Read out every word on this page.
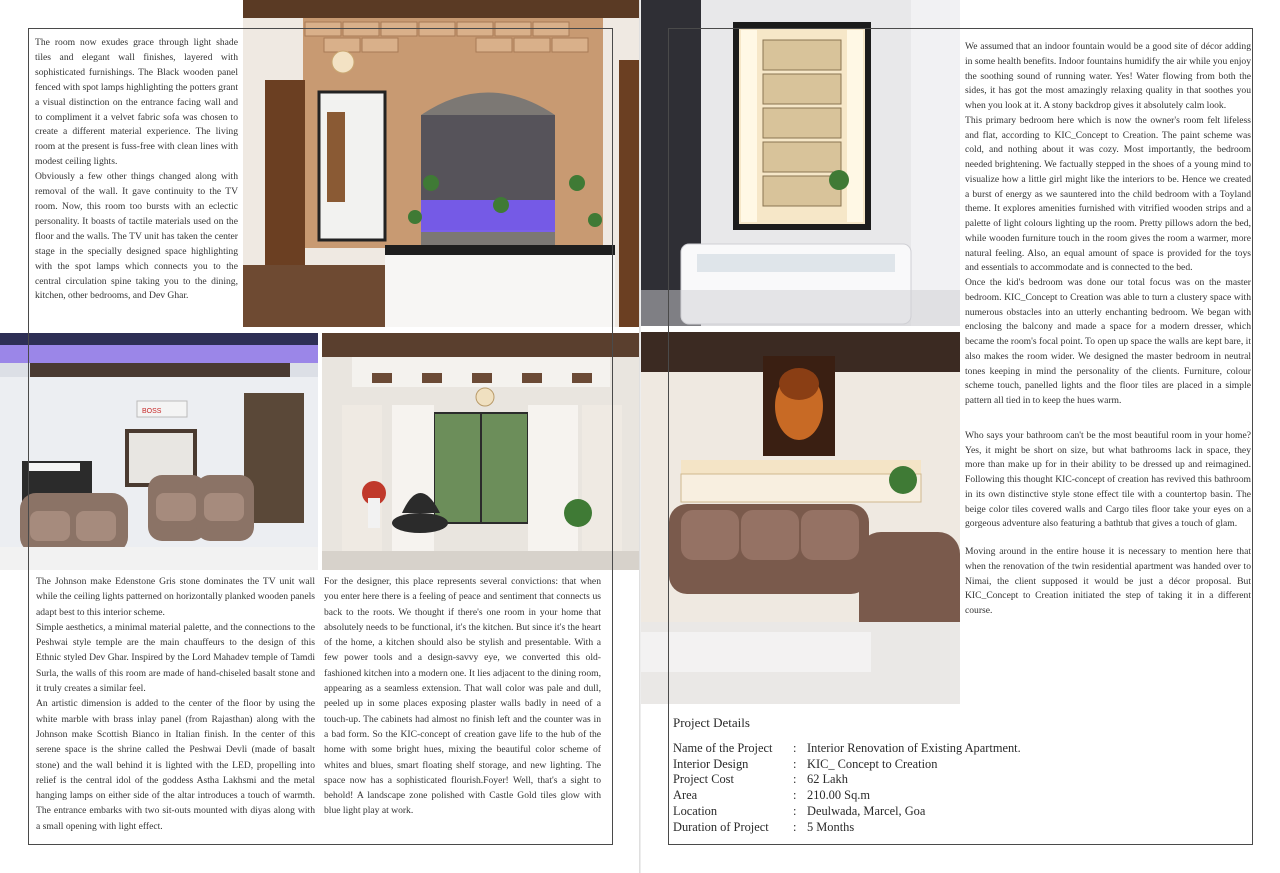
The room now exudes grace through light shade tiles and elegant wall finishes, layered with sophisticated furnishings. The Black wooden panel fenced with spot lamps highlighting the potters grant a visual distinction on the entrance facing wall and to compliment it a velvet fabric sofa was chosen to create a different material experience. The living room at the present is fuss-free with clean lines with modest ceiling lights.

Obviously a few other things changed along with removal of the wall. It gave continuity to the TV room. Now, this room too bursts with an eclectic personality. It boasts of tactile materials used on the floor and the walls. The TV unit has taken the center stage in the specially designed space highlighting with the spot lamps which connects you to the central circulation spine taking you to the dining, kitchen, other bedrooms, and Dev Ghar.

BOSS

The Johnson make Edenstone Gris stone dominates the TV unit wall while the ceiling lights patterned on horizontally planked wooden panels adapt best to this interior scheme.

Simple aesthetics, a minimal material palette, and the connections to the Peshwai style temple are the main chauffeurs to the design of this Ethnic styled Dev Ghar. Inspired by the Lord Mahadev temple of Tamdi Surla, the walls of this room are made of hand-chiseled basalt stone and it truly creates a similar feel.

An artistic dimension is added to the center of the floor by using the white marble with brass inlay panel (from Rajasthan) along with the Johnson make Scottish Bianco in Italian finish. In the center of this serene space is the shrine called the Peshwai Devli (made of basalt stone) and the wall behind it is lighted with the LED, propelling into relief is the central idol of the goddess Astha Lakhsmi and the metal hanging lamps on either side of the altar introduces a touch of warmth. The entrance embarks with two sit-outs mounted with diyas along with a small opening with light effect.

For the designer, this place represents several convictions: that when you enter here there is a feeling of peace and sentiment that connects us back to the roots. We thought if there's one room in your home that absolutely needs to be functional, it's the kitchen. But since it's the heart of the home, a kitchen should also be stylish and presentable. With a few power tools and a design-savvy eye, we converted this old-fashioned kitchen into a modern one. It lies adjacent to the dining room, appearing as a seamless extension. That wall color was pale and dull, peeled up in some places exposing plaster walls badly in need of a touch-up. The cabinets had almost no finish left and the counter was in a bad form. So the KIC-concept of creation gave life to the hub of the home with some bright hues, mixing the beautiful color scheme of whites and blues, smart floating shelf storage, and new lighting. The space now has a sophisticated flourish.Foyer! Well, that's a sight to behold! A landscape zone polished with Castle Gold tiles glow with blue light play at work.

We assumed that an indoor fountain would be a good site of décor adding in some health benefits. Indoor fountains humidify the air while you enjoy the soothing sound of running water. Yes! Water flowing from both the sides, it has got the most amazingly relaxing quality in that soothes you when you look at it. A stony backdrop gives it absolutely calm look.

This primary bedroom here which is now the owner's room felt lifeless and flat, according to KIC_Concept to Creation. The paint scheme was cold, and nothing about it was cozy. Most importantly, the bedroom needed brightening. We factually stepped in the shoes of a young mind to visualize how a little girl might like the interiors to be. Hence we created a burst of energy as we sauntered into the child bedroom with a Toyland theme. It explores amenities furnished with vitrified wooden strips and a palette of light colours lighting up the room. Pretty pillows adorn the bed, while wooden furniture touch in the room gives the room a warmer, more natural feeling. Also, an equal amount of space is provided for the toys and essentials to accommodate and is connected to the bed.

Once the kid's bedroom was done our total focus was on the master bedroom. KIC_Concept to Creation was able to turn a clustery space with numerous obstacles into an utterly enchanting bedroom. We began with enclosing the balcony and made a space for a modern dresser, which became the room's focal point. To open up space the walls are kept bare, it also makes the room wider. We designed the master bedroom in neutral tones keeping in mind the personality of the clients. Furniture, colour scheme touch, panelled lights and the floor tiles are placed in a simple pattern all tied in to keep the hues warm.

Who says your bathroom can't be the most beautiful room in your home? Yes, it might be short on size, but what bathrooms lack in space, they more than make up for in their ability to be dressed up and reimagined. Following this thought KIC-concept of creation has revived this bathroom in its own distinctive style stone effect tile with a countertop basin. The beige color tiles covered walls and Cargo tiles floor take your eyes on a gorgeous adventure also featuring a bathtub that gives a touch of glam.

Moving around in the entire house it is necessary to mention here that when the renovation of the twin residential apartment was handed over to Nimai, the client supposed it would be just a décor proposal. But KIC_Concept to Creation initiated the step of taking it in a different course.

Project Details
Name of the Project	: Interior Renovation of Existing Apartment.
Interior Design	: KIC_ Concept to Creation
Project Cost	: 62 Lakh
Area	: 210.00 Sq.m
Location	: Deulwada, Marcel, Goa
Duration of Project	: 5 Months
